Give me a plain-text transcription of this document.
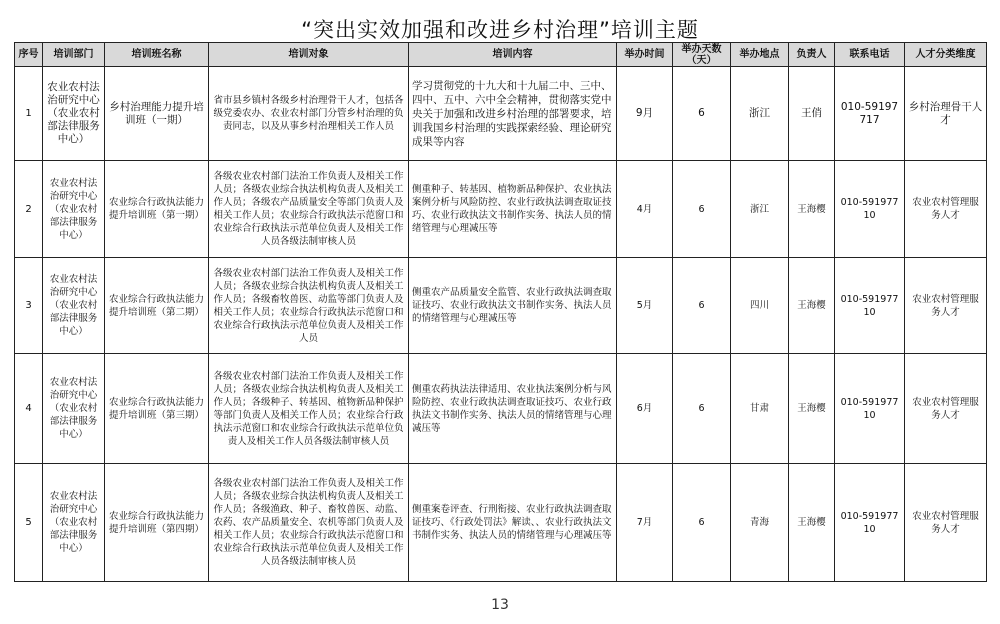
“突出实效加强和改进乡村治理”培训主题
序号	培训部门	培训班名称	培训对象	培训内容	举办时间	举办天数（天）	举办地点	负责人	联系电话	人才分类维度
1	农业农村法治研究中心（农业农村部法律服务中心）	乡村治理能力提升培训班（一期）	省市县乡镇村各级乡村治理骨干人才，包括各级党委农办、农业农村部门分管乡村治理的负责同志，以及从事乡村治理相关工作人员	学习贯彻党的十九大和十九届二中、三中、四中、五中、六中全会精神，贯彻落实党中央关于加强和改进乡村治理的部署要求，培训我国乡村治理的实践探索经验、理论研究成果等内容	9月	6	浙江	王俏	010-59197717	乡村治理骨干人才
2	农业农村法治研究中心（农业农村部法律服务中心）	农业综合行政执法能力提升培训班（第一期）	各级农业农村部门法治工作负责人及相关工作人员；各级农业综合执法机构负责人及相关工作人员；各级农产品质量安全等部门负责人及相关工作人员；农业综合行政执法示范窗口和农业综合行政执法示范单位负责人及相关工作人员各级法制审核人员	侧重种子、转基因、植物新品种保护、农业执法案例分析与风险防控、农业行政执法调查取证技巧、农业行政执法文书制作实务、执法人员的情绪管理与心理减压等	4月	6	浙江	王海樱	010-59197710	农业农村管理服务人才
3	农业农村法治研究中心（农业农村部法律服务中心）	农业综合行政执法能力提升培训班（第二期）	各级农业农村部门法治工作负责人及相关工作人员；各级农业综合执法机构负责人及相关工作人员；各级畜牧兽医、动监等部门负责人及相关工作人员；农业综合行政执法示范窗口和农业综合行政执法示范单位负责人及相关工作人员	侧重农产品质量安全监管、农业行政执法调查取证技巧、农业行政执法文书制作实务、执法人员的情绪管理与心理减压等	5月	6	四川	王海樱	010-59197710	农业农村管理服务人才
4	农业农村法治研究中心（农业农村部法律服务中心）	农业综合行政执法能力提升培训班（第三期）	各级农业农村部门法治工作负责人及相关工作人员；各级农业综合执法机构负责人及相关工作人员；各级种子、转基因、植物新品种保护等部门负责人及相关工作人员；农业综合行政执法示范窗口和农业综合行政执法示范单位负责人及相关工作人员各级法制审核人员	侧重农药执法法律适用、农业执法案例分析与风险防控、农业行政执法调查取证技巧、农业行政执法文书制作实务、执法人员的情绪管理与心理减压等	6月	6	甘肃	王海樱	010-59197710	农业农村管理服务人才
5	农业农村法治研究中心（农业农村部法律服务中心）	农业综合行政执法能力提升培训班（第四期）	各级农业农村部门法治工作负责人及相关工作人员；各级农业综合执法机构负责人及相关工作人员；各级渔政、种子、畜牧兽医、动监、农药、农产品质量安全、农机等部门负责人及相关工作人员；农业综合行政执法示范窗口和农业综合行政执法示范单位负责人及相关工作人员各级法制审核人员	侧重案卷评查、行刑衔接、农业行政执法调查取证技巧、《行政处罚法》解读、、农业行政执法文书制作实务、执法人员的情绪管理与心理减压等	7月	6	青海	王海樱	010-59197710	农业农村管理服务人才
13
